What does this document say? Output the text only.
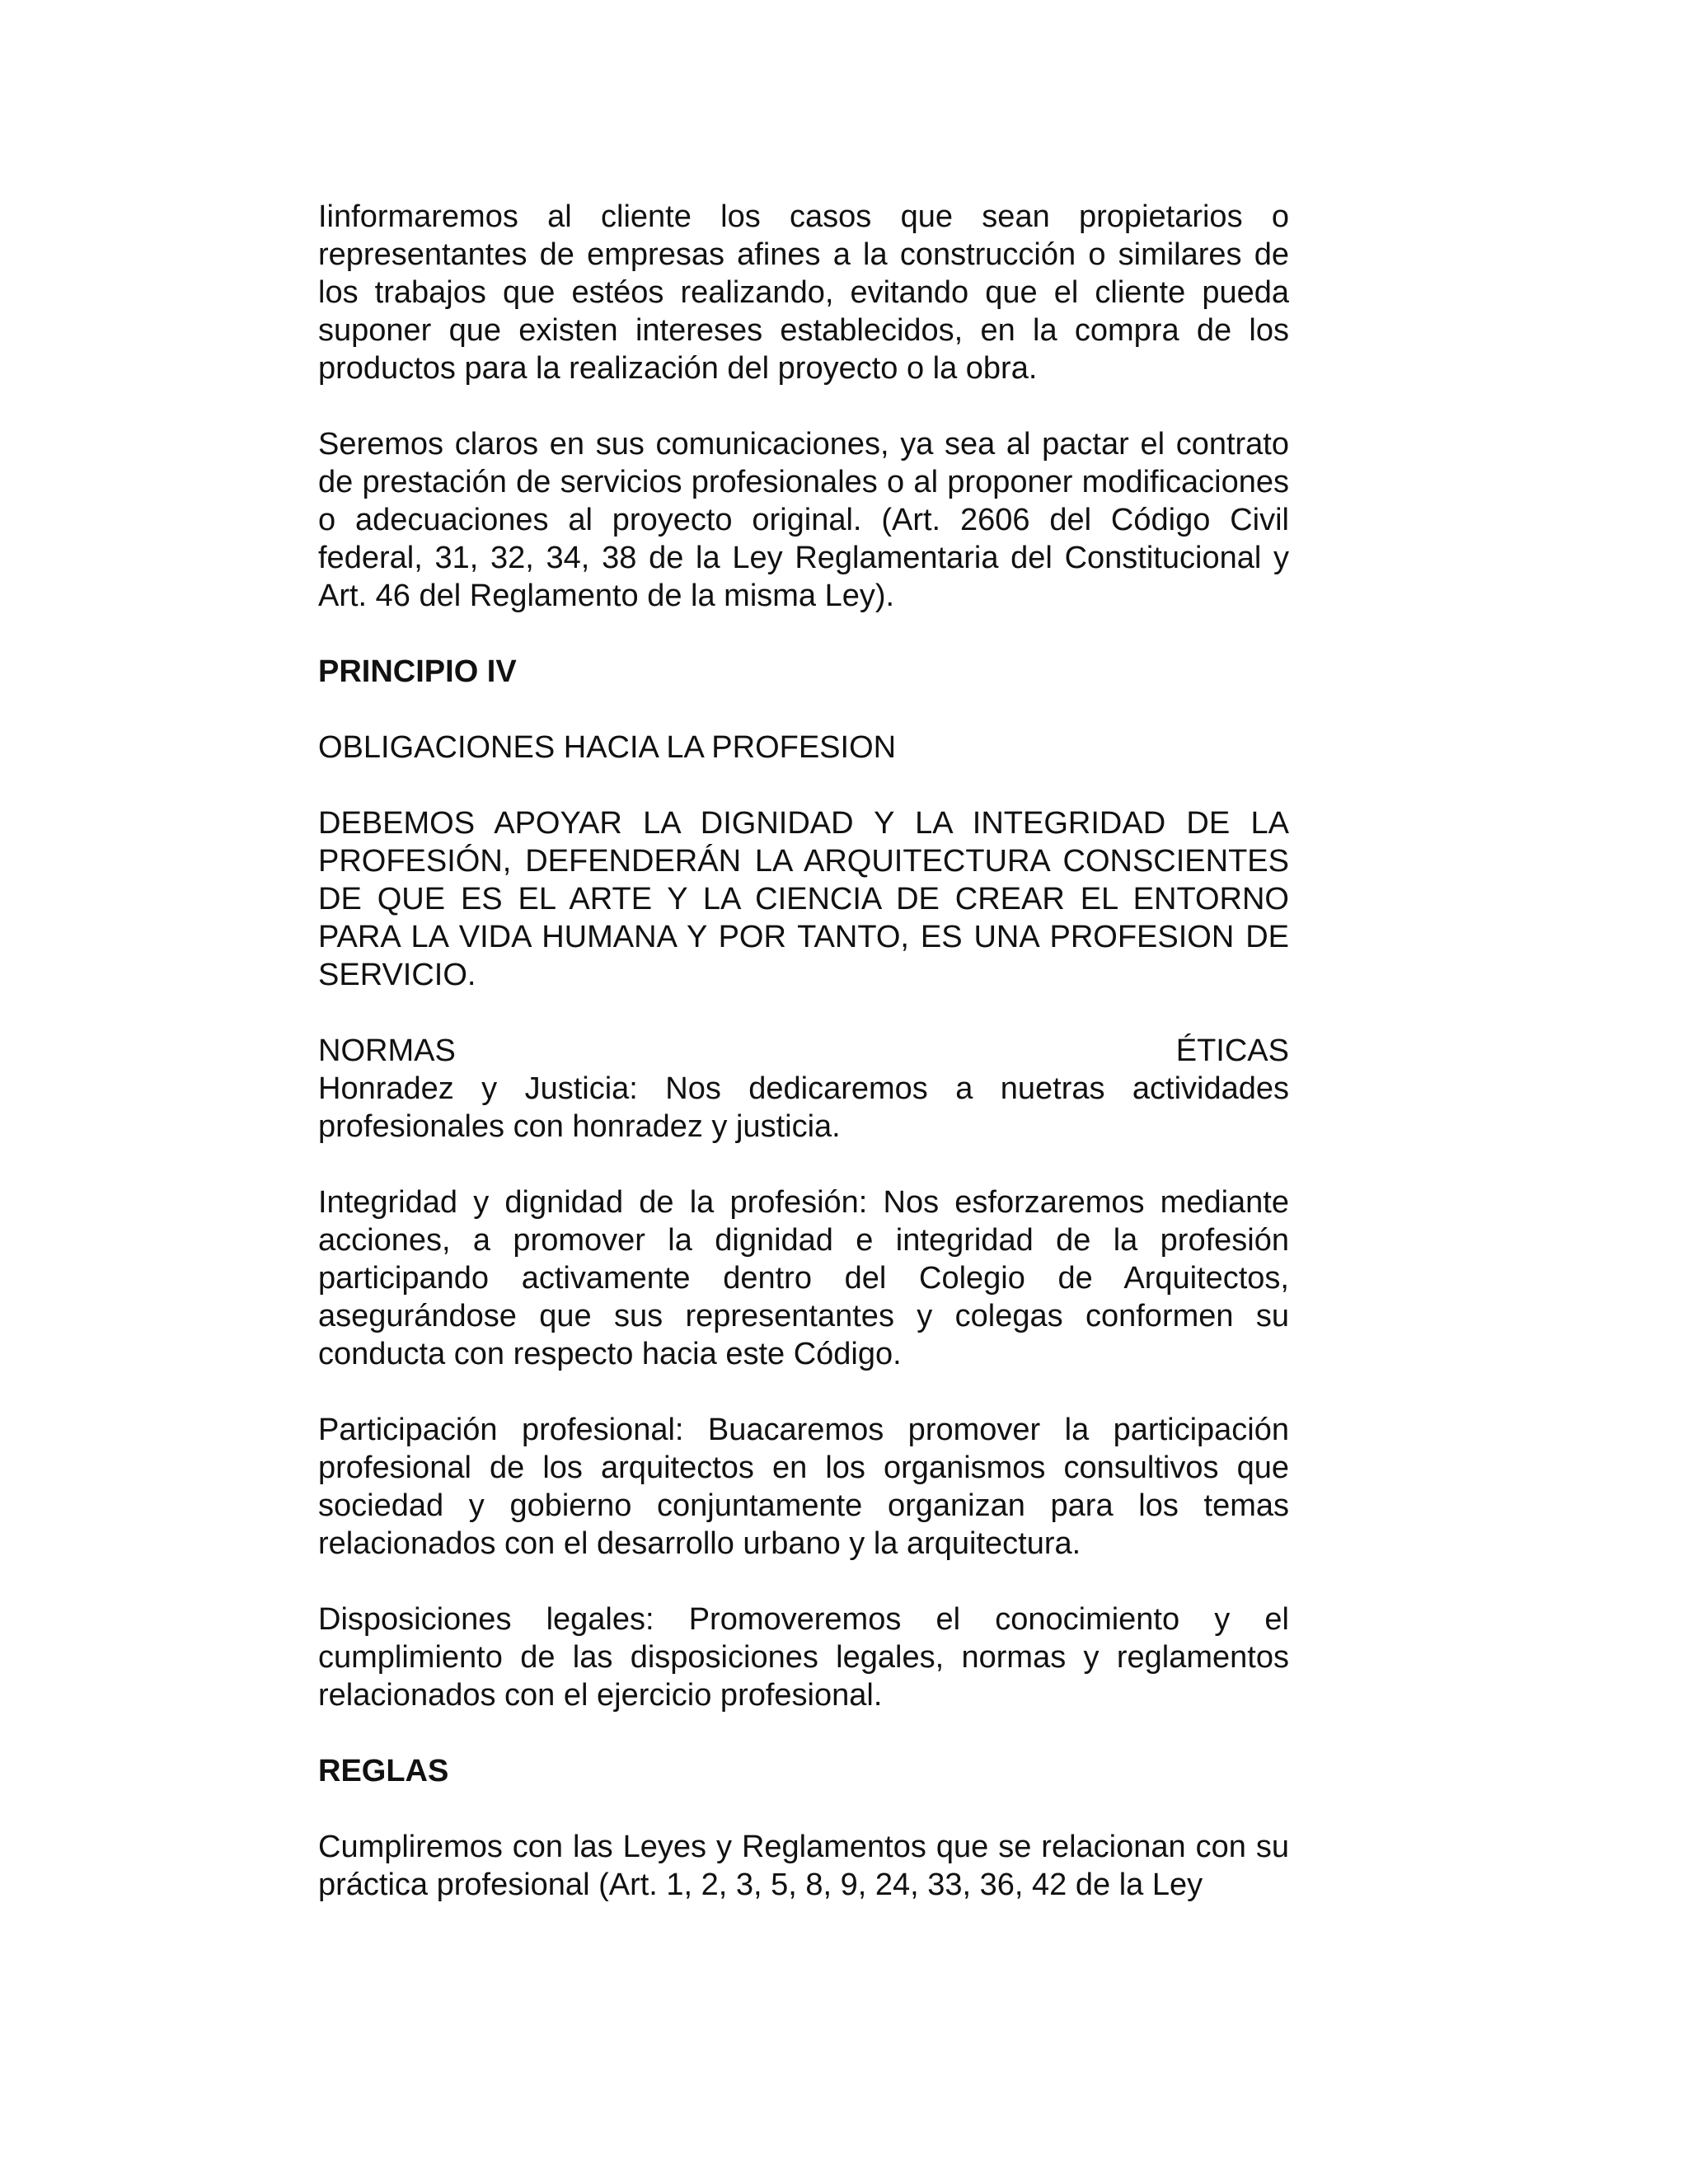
Iinformaremos al cliente los casos que sean propietarios o representantes de empresas afines a la construcción o similares de los trabajos que estéos realizando, evitando que el cliente pueda suponer que existen intereses establecidos, en la compra de los productos para la realización del proyecto o la obra.

Seremos claros en sus comunicaciones, ya sea al pactar el contrato de prestación de servicios profesionales o al proponer modificaciones o adecuaciones al proyecto original. (Art. 2606 del Código Civil federal, 31, 32, 34, 38 de la Ley Reglamentaria del Constitucional y Art. 46 del Reglamento de la misma Ley).

PRINCIPIO IV

OBLIGACIONES HACIA LA PROFESION

DEBEMOS APOYAR LA DIGNIDAD Y LA INTEGRIDAD DE LA PROFESIÓN, DEFENDERÁN LA ARQUITECTURA CONSCIENTES DE QUE ES EL ARTE Y LA CIENCIA DE CREAR EL ENTORNO PARA LA VIDA HUMANA Y POR TANTO, ES UNA PROFESION DE SERVICIO.

NORMAS	ÉTICAS
Honradez y Justicia: Nos dedicaremos a nuetras actividades profesionales con honradez y justicia.

Integridad y dignidad de la profesión: Nos esforzaremos mediante acciones, a promover la dignidad e integridad de la profesión participando activamente dentro del Colegio de Arquitectos, asegurándose que sus representantes y colegas conformen su conducta con respecto hacia este Código.

Participación profesional: Buacaremos promover la participación profesional de los arquitectos en los organismos consultivos que sociedad y gobierno conjuntamente organizan para los temas relacionados con el desarrollo urbano y la arquitectura.

Disposiciones legales: Promoveremos el conocimiento y el cumplimiento de las disposiciones legales, normas y reglamentos relacionados con el ejercicio profesional.

REGLAS

Cumpliremos con las Leyes y Reglamentos que se relacionan con su práctica profesional (Art. 1, 2, 3, 5, 8, 9, 24, 33, 36, 42 de la Ley
